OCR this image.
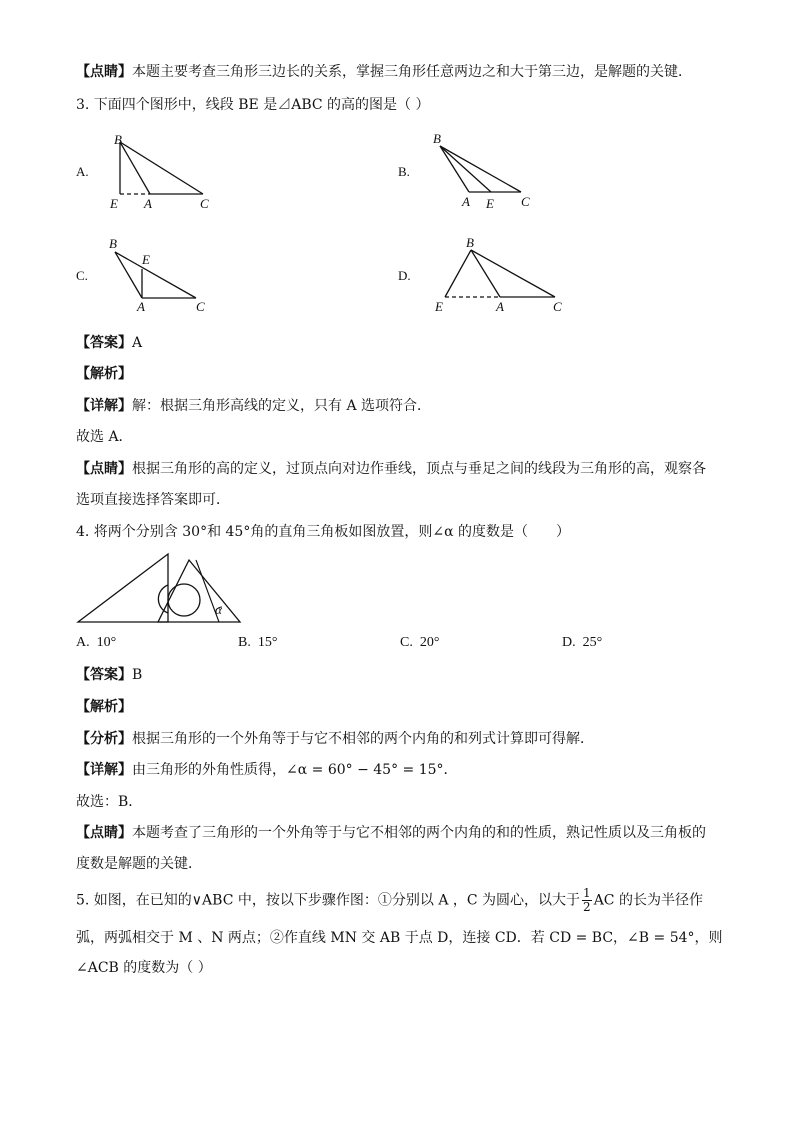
【点睛】本题主要考查三角形三边长的关系，掌握三角形任意两边之和大于第三边，是解题的关键．
3. 下面四个图形中，线段 BE 是⊿ABC 的高的图是（ ）
A.
B
E A	C
B.
B
A E C
C.
B
E
A	C
D.
B
E	A	C
【答案】A
【解析】
【详解】解：根据三角形高线的定义，只有 A 选项符合．
故选 A．
【点睛】根据三角形的高的定义，过顶点向对边作垂线，顶点与垂足之间的线段为三角形的高，观察各
选项直接选择答案即可．
4. 将两个分别含 30°和 45°角的直角三角板如图放置，则∠α 的度数是（　　）
α
A. 10°	B. 15°	C. 20°	D. 25°
【答案】B
【解析】
【分析】根据三角形的一个外角等于与它不相邻的两个内角的和列式计算即可得解．
【详解】由三角形的外角性质得，∠α = 60° − 45° = 15°．
故选：B．
【点睛】本题考查了三角形的一个外角等于与它不相邻的两个内角的和的性质，熟记性质以及三角板的
度数是解题的关键．
5. 如图，在已知的∨ABC 中，按以下步骤作图：①分别以 A ，C 为圆心，以大于 $\frac{1}{2}$ AC 的长为半径作
弧，两弧相交于 M 、N 两点；②作直线 MN 交 AB 于点 D，连接 CD．若 CD = BC，∠B = 54°，则
∠ACB 的度数为（ ）
